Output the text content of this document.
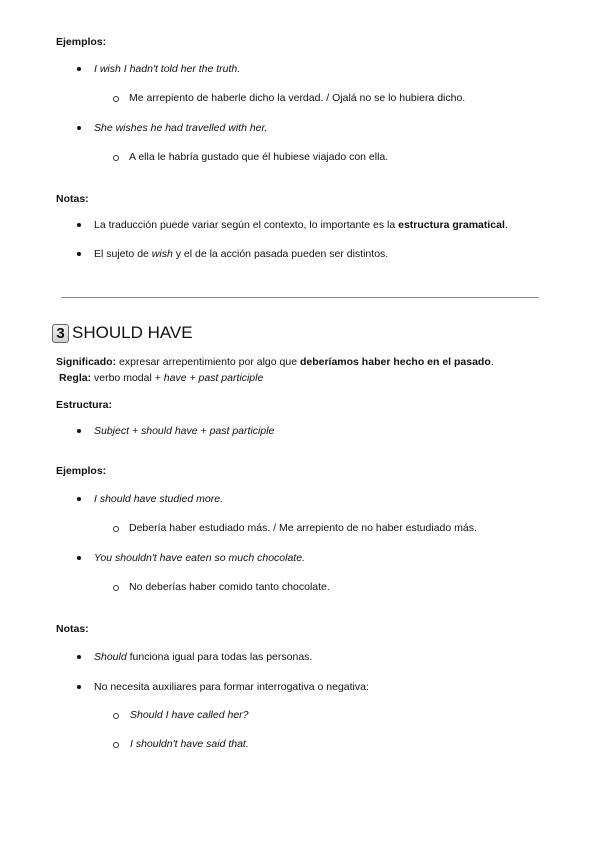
Ejemplos:
I wish I hadn't told her the truth.
Me arrepiento de haberle dicho la verdad. / Ojalá no se lo hubiera dicho.
She wishes he had travelled with her.
A ella le habría gustado que él hubiese viajado con ella.
Notas:
La traducción puede variar según el contexto, lo importante es la estructura gramatical.
El sujeto de wish y el de la acción pasada pueden ser distintos.
3 SHOULD HAVE
Significado: expresar arrepentimiento por algo que deberíamos haber hecho en el pasado.
Regla: verbo modal + have + past participle
Estructura:
Subject + should have + past participle
Ejemplos:
I should have studied more.
Debería haber estudiado más. / Me arrepiento de no haber estudiado más.
You shouldn't have eaten so much chocolate.
No deberías haber comido tanto chocolate.
Notas:
Should funciona igual para todas las personas.
No necesita auxiliares para formar interrogativa o negativa:
Should I have called her?
I shouldn't have said that.
